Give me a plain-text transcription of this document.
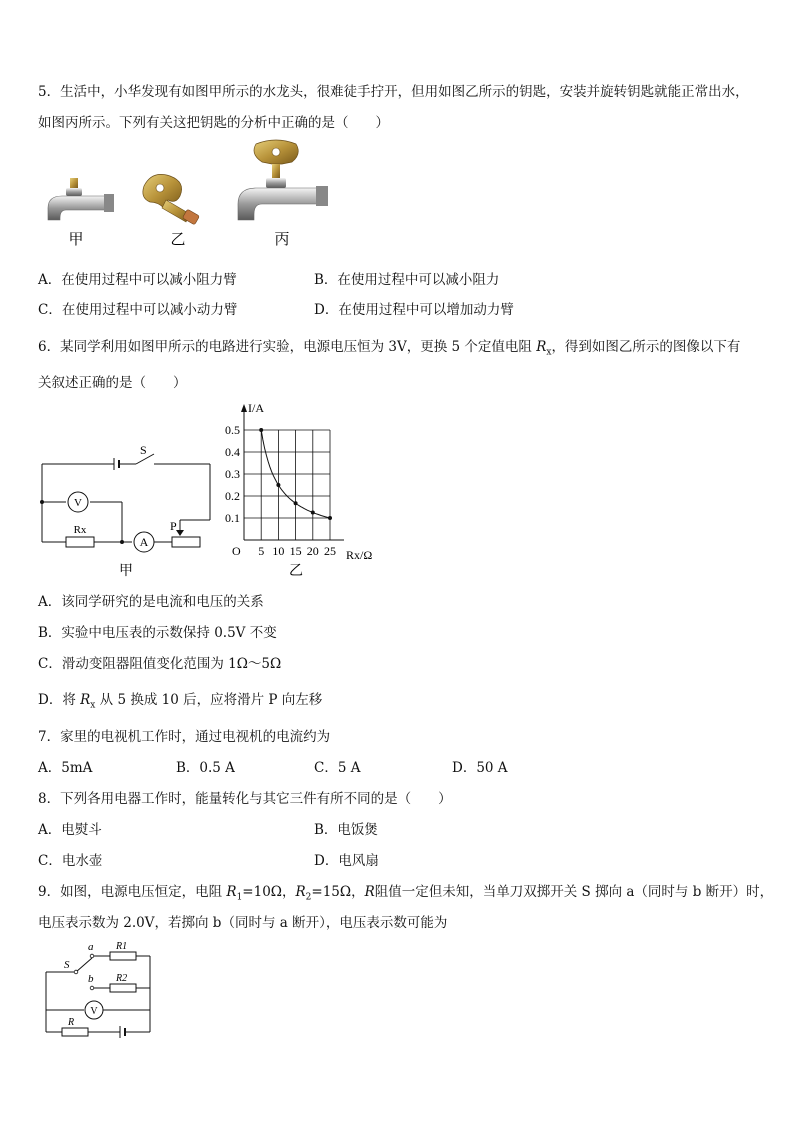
5．生活中，小华发现有如图甲所示的水龙头，很难徒手拧开，但用如图乙所示的钥匙，安装并旋转钥匙就能正常出水，
如图丙所示。下列有关这把钥匙的分析中正确的是（　　）
甲	乙	丙
A．在使用过程中可以减小阻力臂	B．在使用过程中可以减小阻力
C．在使用过程中可以减小动力臂	D．在使用过程中可以增加动力臂
6．某同学利用如图甲所示的电路进行实验，电源电压恒为 3V，更换 5 个定值电阻 $R_x$，得到如图乙所示的图像以下有
关叙述正确的是（　　）
S
V
Rx
A
P
甲
5 10 15 20 25
0.5
0.4
0.3
0.2
0.1
I/A
Rx/Ω
O
乙
A．该同学研究的是电流和电压的关系
B．实验中电压表的示数保持 0.5V 不变
C．滑动变阻器阻值变化范围为 1Ω～5Ω
D．将 $R_x$ 从 5 换成 10 后，应将滑片 P 向左移
7．家里的电视机工作时，通过电视机的电流约为
A．5mA	B．0.5 A	C．5 A	D．50 A
8．下列各用电器工作时，能量转化与其它三件有所不同的是（　　）
A．电熨斗	B．电饭煲
C．电水壶	D．电风扇
9．如图，电源电压恒定，电阻 $R_1=10\Omega$，$R_2=15\Omega$，R阻值一定但未知，当单刀双掷开关 S 掷向 a（同时与 b 断开）时，
电压表示数为 2.0V，若掷向 b（同时与 a 断开），电压表示数可能为
a
b
S
R1
R2
V
R
